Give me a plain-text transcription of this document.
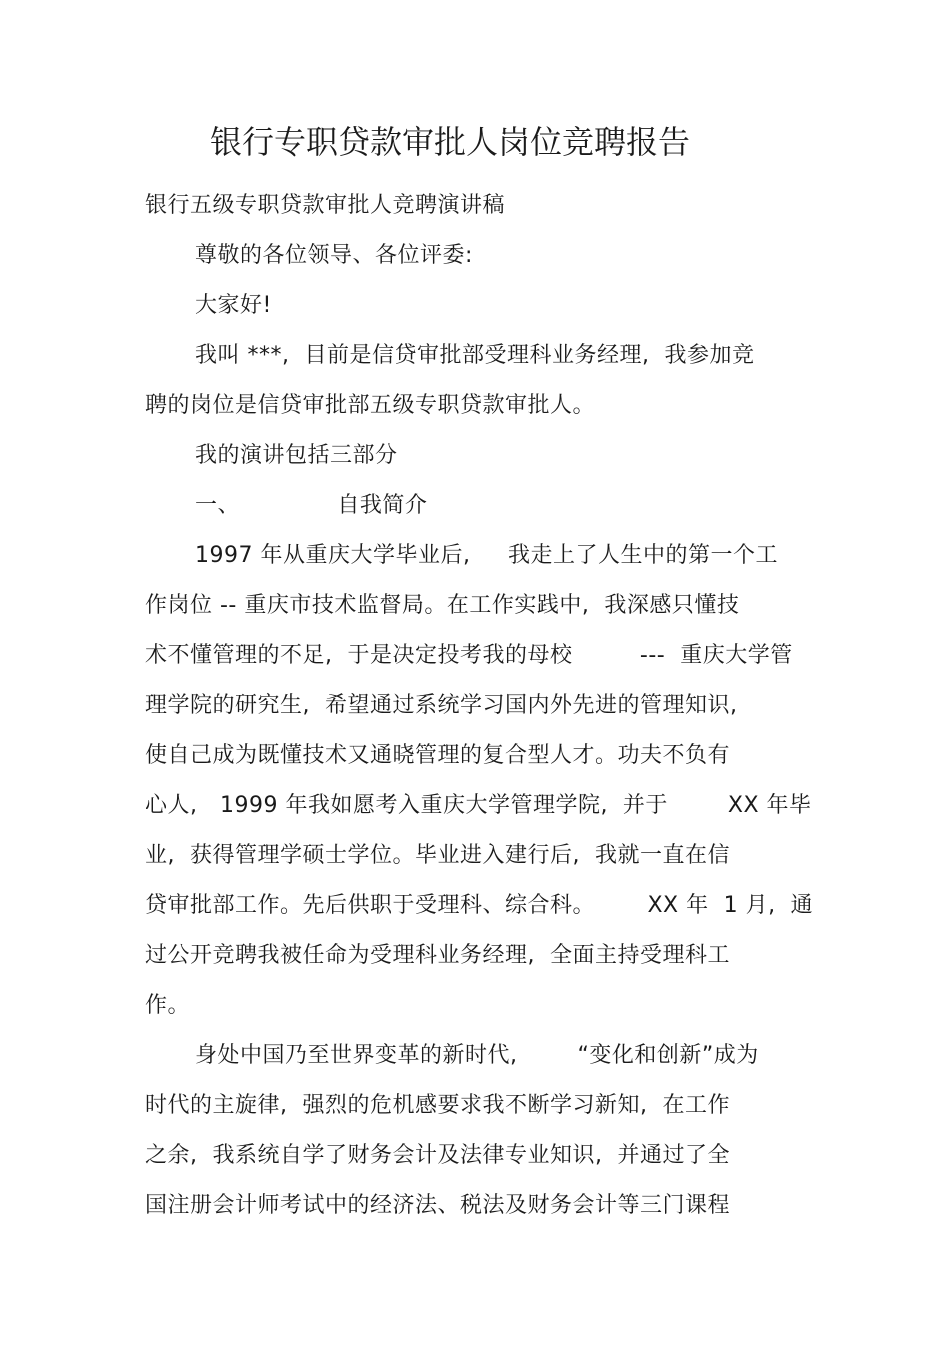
银行专职贷款审批人岗位竞聘报告
银行五级专职贷款审批人竞聘演讲稿
尊敬的各位领导、各位评委:
大家好!
我叫 ***,  目前是信贷审批部受理科业务经理,  我参加竞
聘的岗位是信贷审批部五级专职贷款审批人。
我的演讲包括三部分
一、             自我简介
1997 年从重庆大学毕业后,     我走上了人生中的第一个工
作岗位 -- 重庆市技术监督局。在工作实践中,  我深感只懂技
术不懂管理的不足,  于是决定投考我的母校         ---  重庆大学管
理学院的研究生,  希望通过系统学习国内外先进的管理知识,
使自己成为既懂技术又通晓管理的复合型人才。功夫不负有
心人,   1999 年我如愿考入重庆大学管理学院,  并于        XX 年毕
业,  获得管理学硕士学位。毕业进入建行后,  我就一直在信
贷审批部工作。先后供职于受理科、综合科。       XX 年  1 月,  通
过公开竞聘我被任命为受理科业务经理,  全面主持受理科工
作。
身处中国乃至世界变革的新时代,        “变化和创新”成为
时代的主旋律,  强烈的危机感要求我不断学习新知,  在工作
之余,  我系统自学了财务会计及法律专业知识,  并通过了全
国注册会计师考试中的经济法、税法及财务会计等三门课程
